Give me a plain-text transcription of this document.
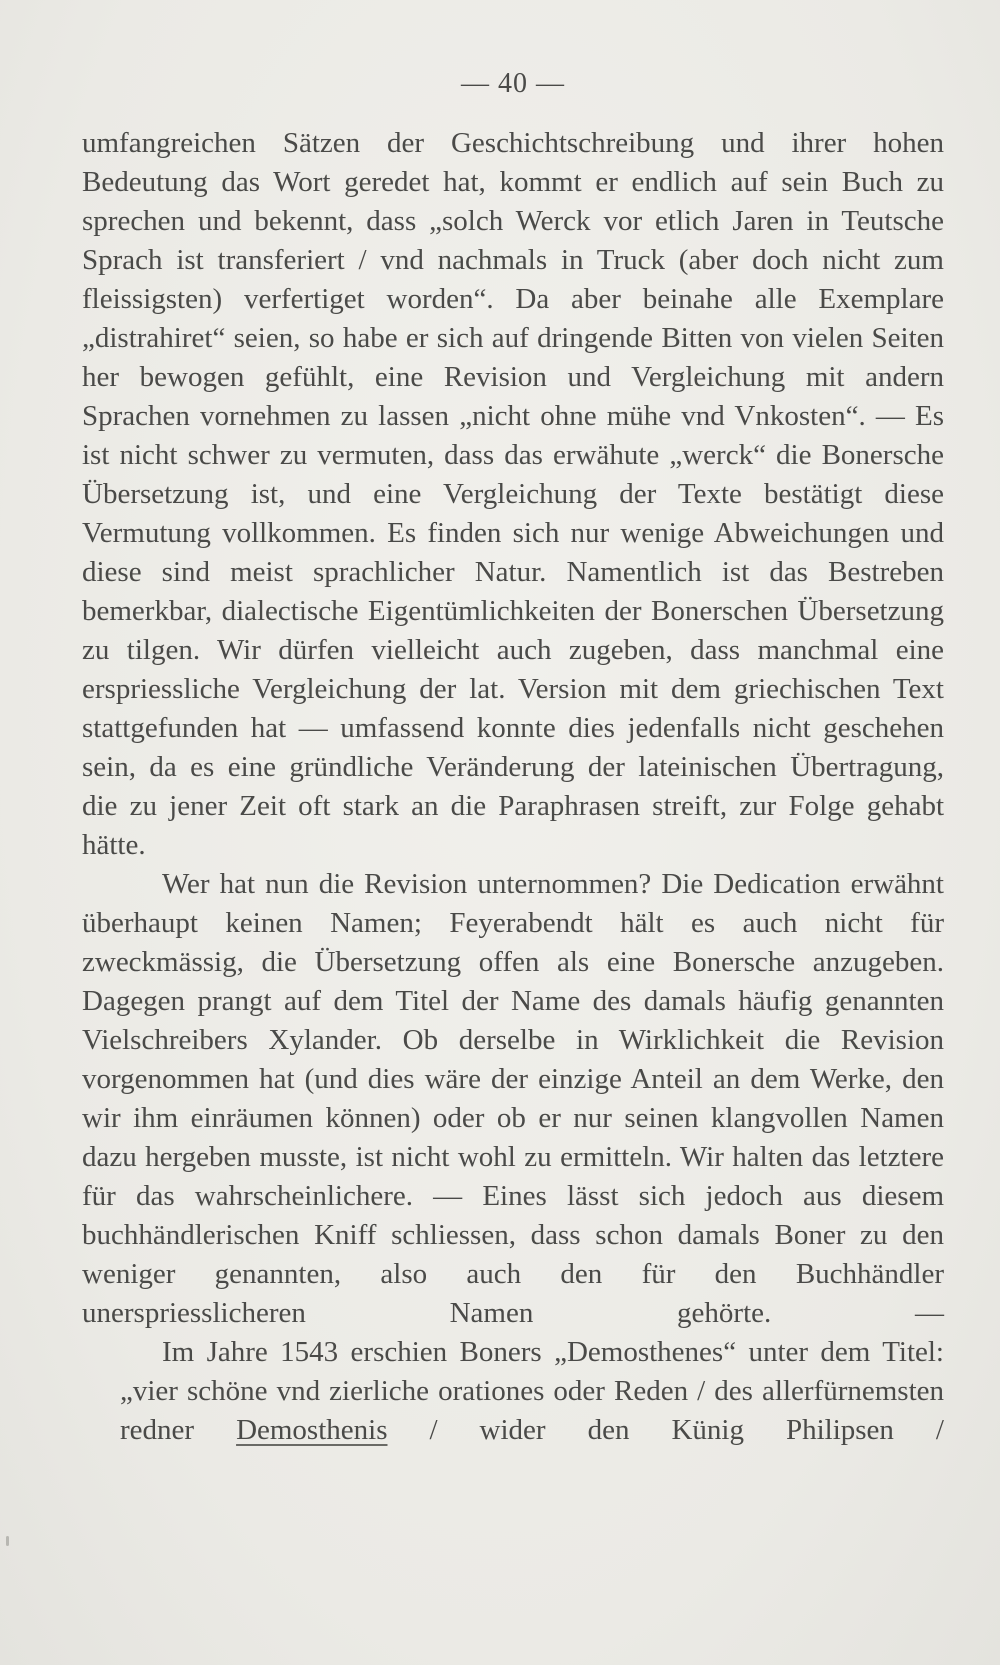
— 40 —

umfangreichen Sätzen der Geschichtschreibung und ihrer hohen Bedeutung das Wort geredet hat, kommt er endlich auf sein Buch zu sprechen und bekennt, dass „solch Werck vor etlich Jaren in Teutsche Sprach ist transferiert / vnd nachmals in Truck (aber doch nicht zum fleissigsten) verfertiget worden“. Da aber beinahe alle Exemplare „distrahiret“ seien, so habe er sich auf dringende Bitten von vielen Seiten her bewogen gefühlt, eine Revision und Vergleichung mit andern Sprachen vornehmen zu lassen „nicht ohne mühe vnd Vnkosten“. — Es ist nicht schwer zu vermuten, dass das erwähute „werck“ die Bonersche Übersetzung ist, und eine Vergleichung der Texte bestätigt diese Vermutung vollkommen. Es finden sich nur wenige Abweichungen und diese sind meist sprachlicher Natur. Namentlich ist das Bestreben bemerkbar, dialectische Eigentümlichkeiten der Bonerschen Übersetzung zu tilgen. Wir dürfen vielleicht auch zugeben, dass manchmal eine erspriessliche Vergleichung der lat. Version mit dem griechischen Text stattgefunden hat — umfassend konnte dies jedenfalls nicht geschehen sein, da es eine gründliche Veränderung der lateinischen Übertragung, die zu jener Zeit oft stark an die Paraphrasen streift, zur Folge gehabt hätte.

Wer hat nun die Revision unternommen? Die Dedication erwähnt überhaupt keinen Namen; Feyerabendt hält es auch nicht für zweckmässig, die Übersetzung offen als eine Bonersche anzugeben. Dagegen prangt auf dem Titel der Name des damals häufig genannten Vielschreibers Xylander. Ob derselbe in Wirklichkeit die Revision vorgenommen hat (und dies wäre der einzige Anteil an dem Werke, den wir ihm einräumen können) oder ob er nur seinen klangvollen Namen dazu hergeben musste, ist nicht wohl zu ermitteln. Wir halten das letztere für das wahrscheinlichere. — Eines lässt sich jedoch aus diesem buchhändlerischen Kniff schliessen, dass schon damals Boner zu den weniger genannten, also auch den für den Buchhändler unerspriesslicheren Namen gehörte. —

Im Jahre 1543 erschien Boners „Demosthenes“ unter dem Titel:

„vier schöne vnd zierliche orationes oder Reden / des allerfürnemsten redner Demosthenis / wider den Künig Philipsen /
